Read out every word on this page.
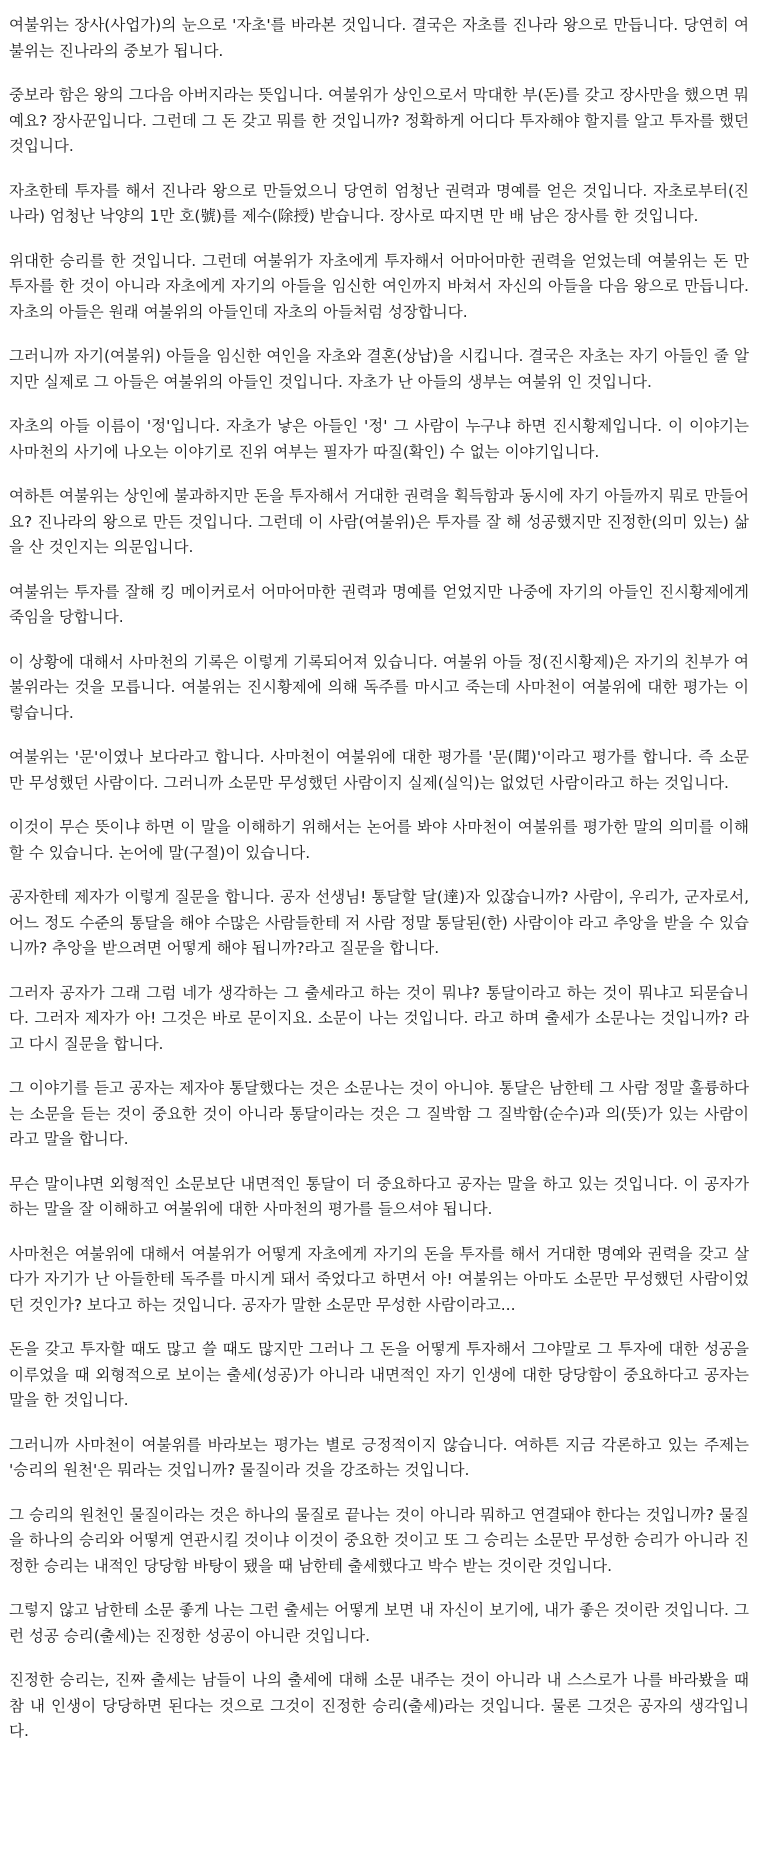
여불위는 장사(사업가)의 눈으로 '자초'를 바라본 것입니다. 결국은 자초를 진나라 왕으로 만듭니다. 당연히 여불위는 진나라의 중보가 됩니다.

중보라 함은 왕의 그다음 아버지라는 뜻입니다. 여불위가 상인으로서 막대한 부(돈)를 갖고 장사만을 했으면 뭐예요? 장사꾼입니다. 그런데 그 돈 갖고 뭐를 한 것입니까? 정확하게 어디다 투자해야 할지를 알고 투자를 했던 것입니다.

자초한테 투자를 해서 진나라 왕으로 만들었으니 당연히 엄청난 권력과 명예를 얻은 것입니다. 자초로부터(진나라) 엄청난 낙양의 1만 호(號)를 제수(除授) 받습니다. 장사로 따지면 만 배 남은 장사를 한 것입니다.

위대한 승리를 한 것입니다. 그런데 여불위가 자초에게 투자해서 어마어마한 권력을 얻었는데 여불위는 돈 만 투자를 한 것이 아니라 자초에게 자기의 아들을 임신한 여인까지 바쳐서 자신의 아들을 다음 왕으로 만듭니다. 자초의 아들은 원래 여불위의 아들인데 자초의 아들처럼 성장합니다.

그러니까 자기(여불위) 아들을 임신한 여인을 자초와 결혼(상납)을 시킵니다. 결국은 자초는 자기 아들인 줄 알지만 실제로 그 아들은 여불위의 아들인 것입니다. 자초가 난 아들의 생부는 여불위 인 것입니다.

자초의 아들 이름이 '정'입니다. 자초가 낳은 아들인 '정' 그 사람이 누구냐 하면 진시황제입니다. 이 이야기는 사마천의 사기에 나오는 이야기로 진위 여부는 필자가 따질(확인) 수 없는 이야기입니다.

여하튼 여불위는 상인에 불과하지만 돈을 투자해서 거대한 권력을 획득함과 동시에 자기 아들까지 뭐로 만들어요? 진나라의 왕으로 만든 것입니다. 그런데 이 사람(여불위)은 투자를 잘 해 성공했지만 진정한(의미 있는) 삶을 산 것인지는 의문입니다.

여불위는 투자를 잘해 킹 메이커로서 어마어마한 권력과 명예를 얻었지만 나중에 자기의 아들인 진시황제에게 죽임을 당합니다.

이 상황에 대해서 사마천의 기록은 이렇게 기록되어져 있습니다. 여불위 아들 정(진시황제)은 자기의 친부가 여불위라는 것을 모릅니다. 여불위는 진시황제에 의해 독주를 마시고 죽는데 사마천이 여불위에 대한 평가는 이렇습니다.

여불위는 '문'이였나 보다라고 합니다. 사마천이 여불위에 대한 평가를 '문(聞)'이라고 평가를 합니다. 즉 소문만 무성했던 사람이다. 그러니까 소문만 무성했던 사람이지 실제(실익)는 없었던 사람이라고 하는 것입니다.

이것이 무슨 뜻이냐 하면 이 말을 이해하기 위해서는 논어를 봐야 사마천이 여불위를 평가한 말의 의미를 이해 할 수 있습니다. 논어에 말(구절)이 있습니다.

공자한테 제자가 이렇게 질문을 합니다. 공자 선생님! 통달할 달(達)자 있잖습니까? 사람이, 우리가, 군자로서, 어느 정도 수준의 통달을 해야 수많은 사람들한테 저 사람 정말 통달된(한) 사람이야 라고 추앙을 받을 수 있습니까? 추앙을 받으려면 어떻게 해야 됩니까?라고 질문을 합니다.

그러자 공자가 그래 그럼 네가 생각하는 그 출세라고 하는 것이 뭐냐? 통달이라고 하는 것이 뭐냐고 되묻습니다. 그러자 제자가 아! 그것은 바로 문이지요. 소문이 나는 것입니다. 라고 하며 출세가 소문나는 것입니까? 라고 다시 질문을 합니다.

그 이야기를 듣고 공자는 제자야 통달했다는 것은 소문나는 것이 아니야. 통달은 남한테 그 사람 정말 훌륭하다는 소문을 듣는 것이 중요한 것이 아니라 통달이라는 것은 그 질박함 그 질박함(순수)과 의(뜻)가 있는 사람이라고 말을 합니다.

무슨 말이냐면 외형적인 소문보단 내면적인 통달이 더 중요하다고 공자는 말을 하고 있는 것입니다. 이 공자가 하는 말을 잘 이해하고 여불위에 대한 사마천의 평가를 들으셔야 됩니다.

사마천은 여불위에 대해서 여불위가 어떻게 자초에게 자기의 돈을 투자를 해서 거대한 명예와 권력을 갖고 살다가 자기가 난 아들한테 독주를 마시게 돼서 죽었다고 하면서 아! 여불위는 아마도 소문만 무성했던 사람이었던 것인가? 보다고 하는 것입니다. 공자가 말한 소문만 무성한 사람이라고...

돈을 갖고 투자할 때도 많고 쓸 때도 많지만 그러나 그 돈을 어떻게 투자해서 그야말로 그 투자에 대한 성공을 이루었을 때 외형적으로 보이는 출세(성공)가 아니라 내면적인 자기 인생에 대한 당당함이 중요하다고 공자는 말을 한 것입니다.

그러니까 사마천이 여불위를 바라보는 평가는 별로 긍정적이지 않습니다. 여하튼 지금 각론하고 있는 주제는 '승리의 원천'은 뭐라는 것입니까? 물질이라 것을 강조하는 것입니다.

그 승리의 원천인 물질이라는 것은 하나의 물질로 끝나는 것이 아니라 뭐하고 연결돼야 한다는 것입니까? 물질을 하나의 승리와 어떻게 연관시킬 것이냐 이것이 중요한 것이고 또 그 승리는 소문만 무성한 승리가 아니라 진정한 승리는 내적인 당당함 바탕이 됐을 때 남한테 출세했다고 박수 받는 것이란 것입니다.

그렇지 않고 남한테 소문 좋게 나는 그런 출세는 어떻게 보면 내 자신이 보기에, 내가 좋은 것이란 것입니다. 그런 성공 승리(출세)는 진정한 성공이 아니란 것입니다.

진정한 승리는, 진짜 출세는 남들이 나의 출세에 대해 소문 내주는 것이 아니라 내 스스로가 나를 바라봤을 때 참 내 인생이 당당하면 된다는 것으로 그것이 진정한 승리(출세)라는 것입니다. 물론 그것은 공자의 생각입니다.
